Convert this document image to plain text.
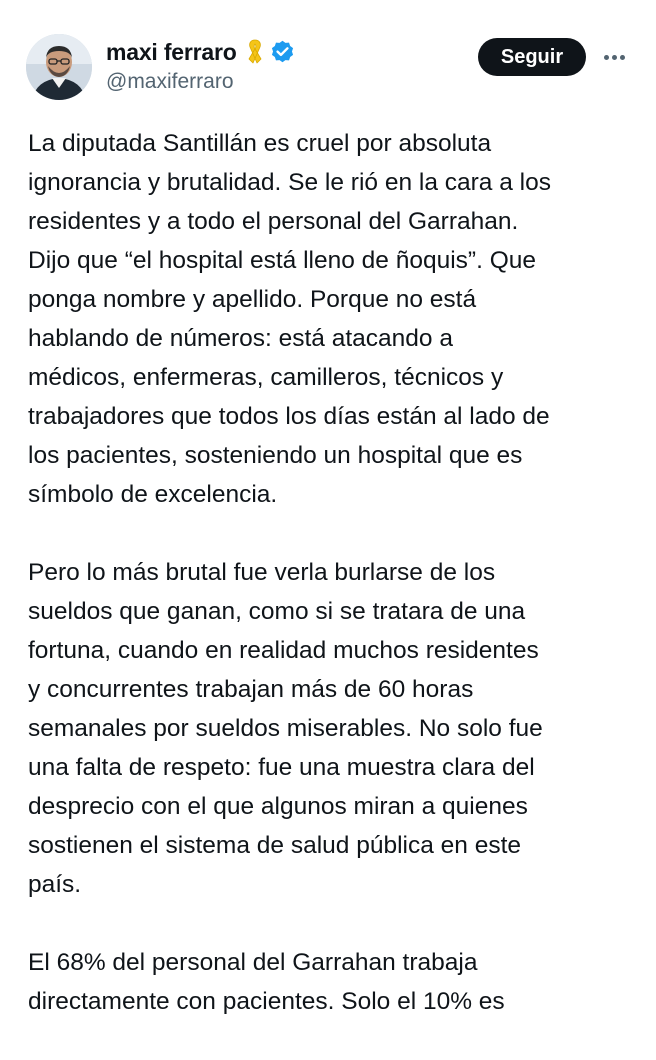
maxi ferraro
@maxiferraro
Seguir

La diputada Santillán es cruel por absoluta
ignorancia y brutalidad. Se le rió en la cara a los
residentes y a todo el personal del Garrahan.
Dijo que “el hospital está lleno de ñoquis”. Que
ponga nombre y apellido. Porque no está
hablando de números: está atacando a
médicos, enfermeras, camilleros, técnicos y
trabajadores que todos los días están al lado de
los pacientes, sosteniendo un hospital que es
símbolo de excelencia.

Pero lo más brutal fue verla burlarse de los
sueldos que ganan, como si se tratara de una
fortuna, cuando en realidad muchos residentes
y concurrentes trabajan más de 60 horas
semanales por sueldos miserables. No solo fue
una falta de respeto: fue una muestra clara del
desprecio con el que algunos miran a quienes
sostienen el sistema de salud pública en este
país.

El 68% del personal del Garrahan trabaja
directamente con pacientes. Solo el 10% es
